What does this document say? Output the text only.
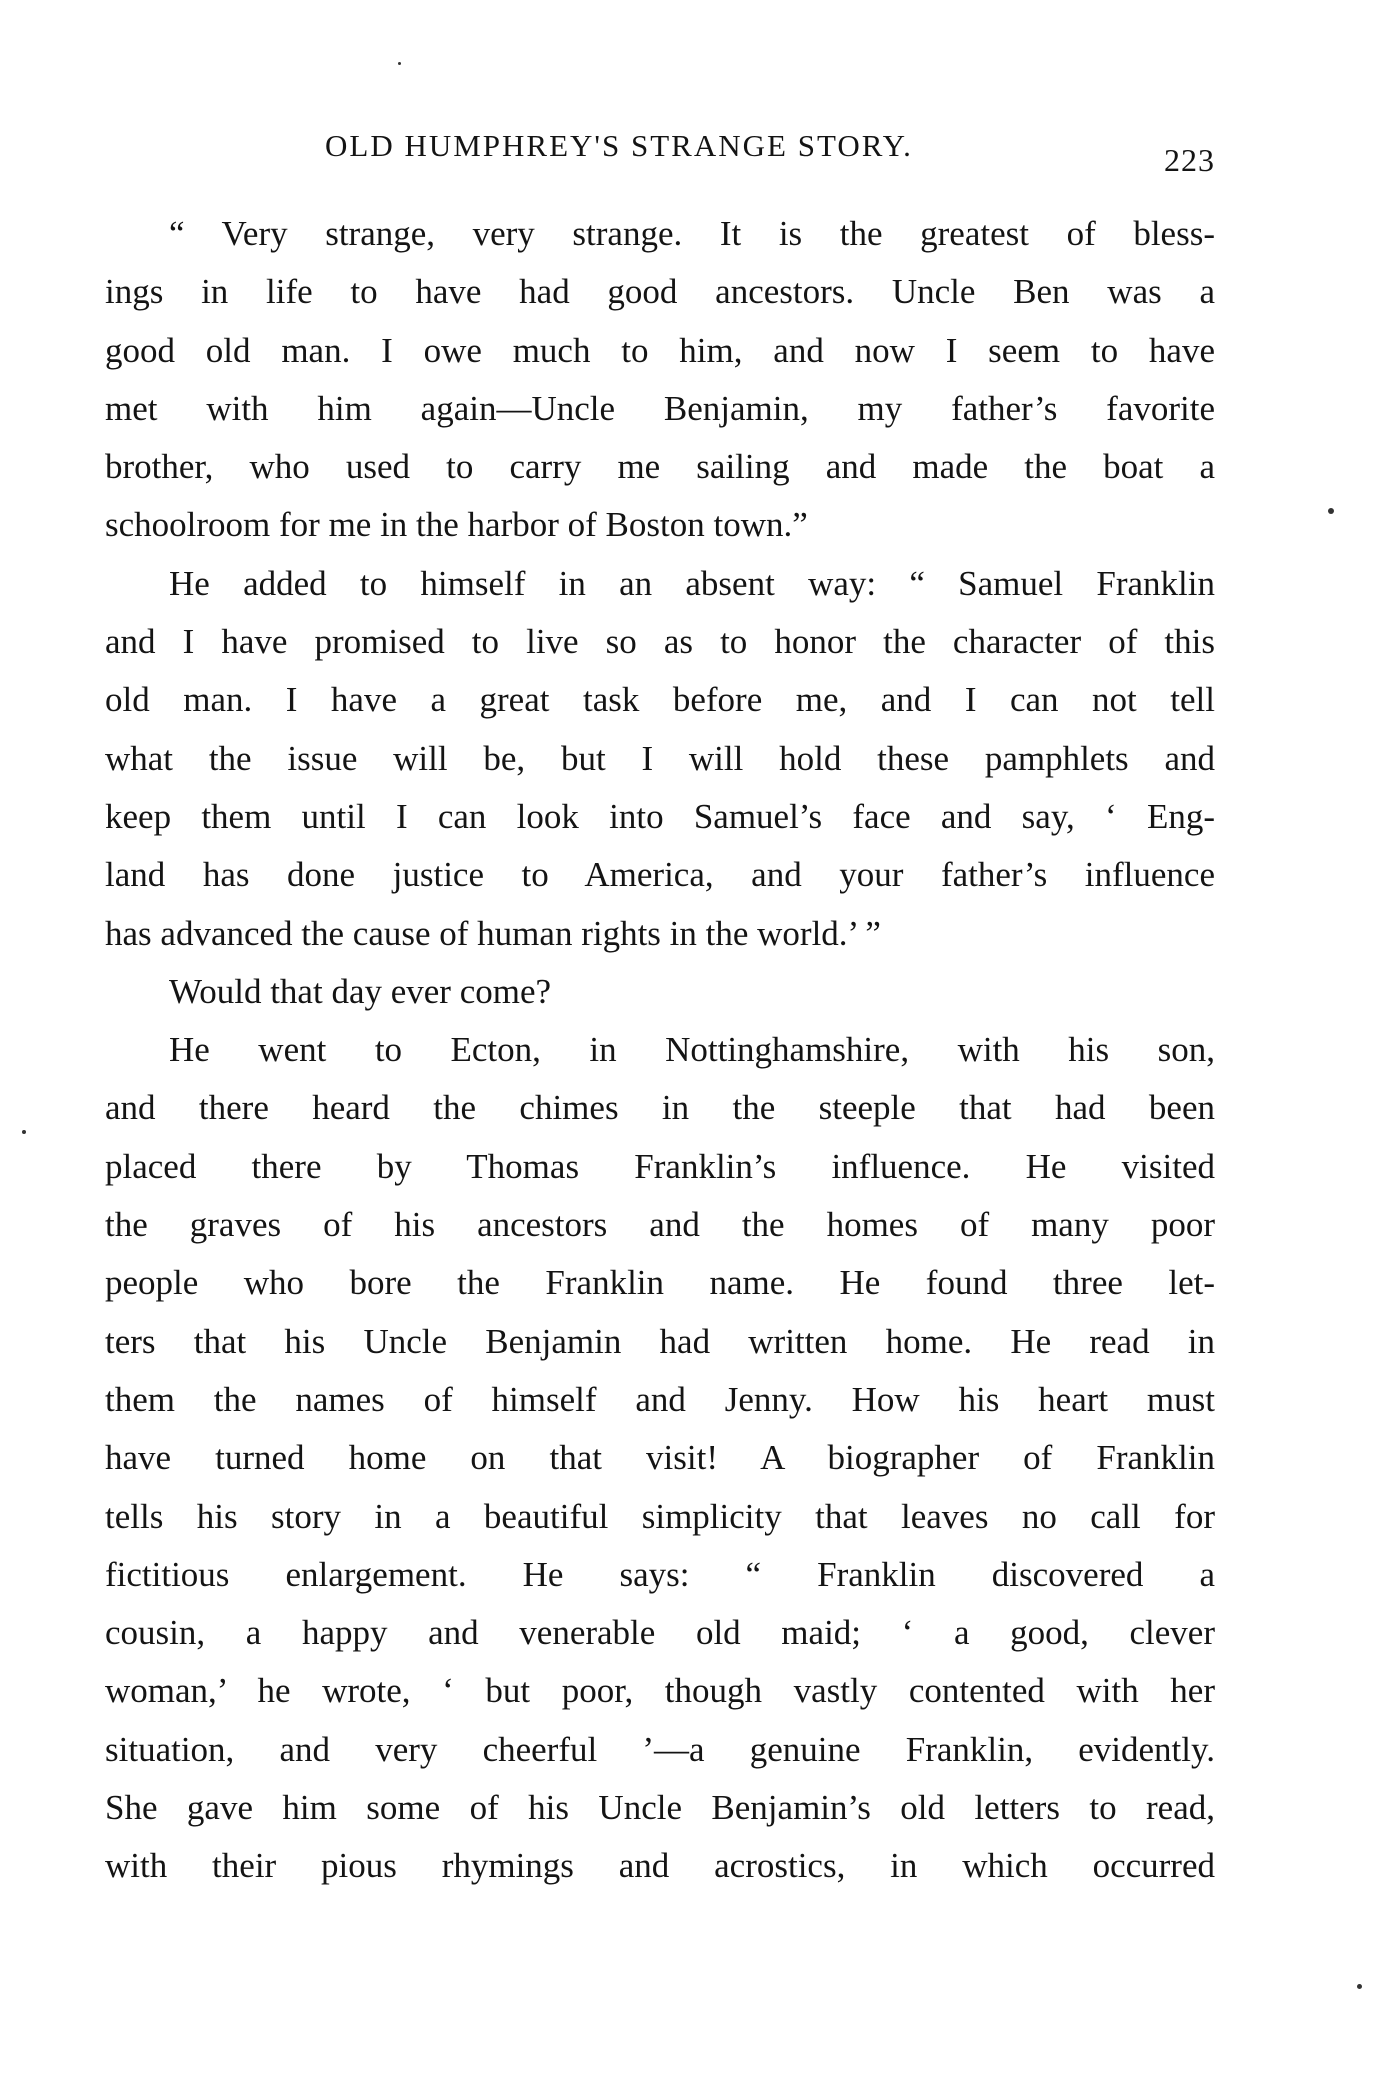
OLD HUMPHREY'S STRANGE STORY.	223
“ Very strange, very strange. It is the greatest of bless-
ings in life to have had good ancestors. Uncle Ben was a
good old man. I owe much to him, and now I seem to have
met with him again—Uncle Benjamin, my father’s favorite
brother, who used to carry me sailing and made the boat a
schoolroom for me in the harbor of Boston town.”
He added to himself in an absent way: “ Samuel Franklin
and I have promised to live so as to honor the character of this
old man. I have a great task before me, and I can not tell
what the issue will be, but I will hold these pamphlets and
keep them until I can look into Samuel’s face and say, ‘ Eng-
land has done justice to America, and your father’s influence
has advanced the cause of human rights in the world.’ ”
Would that day ever come?
He went to Ecton, in Nottinghamshire, with his son,
and there heard the chimes in the steeple that had been
placed there by Thomas Franklin’s influence. He visited
the graves of his ancestors and the homes of many poor
people who bore the Franklin name. He found three let-
ters that his Uncle Benjamin had written home. He read in
them the names of himself and Jenny. How his heart must
have turned home on that visit! A biographer of Franklin
tells his story in a beautiful simplicity that leaves no call for
fictitious enlargement. He says: “ Franklin discovered a
cousin, a happy and venerable old maid; ‘ a good, clever
woman,’ he wrote, ‘ but poor, though vastly contented with her
situation, and very cheerful ’—a genuine Franklin, evidently.
She gave him some of his Uncle Benjamin’s old letters to read,
with their pious rhymings and acrostics, in which occurred
